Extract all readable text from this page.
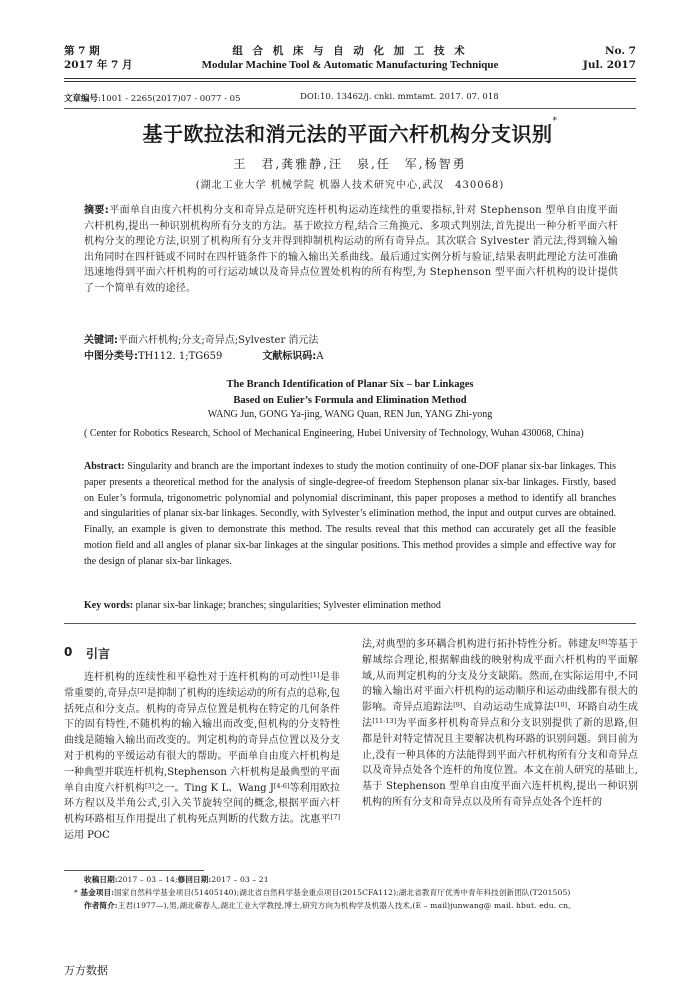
第 7 期
2017 年 7 月
组 合 机 床 与 自 动 化 加 工 技 术
Modular Machine Tool & Automatic Manufacturing Technique
No. 7
Jul. 2017
文章编号:1001 - 2265(2017)07 - 0077 - 05	DOI:10. 13462/j. cnki. mmtamt. 2017. 07. 018
基于欧拉法和消元法的平面六杆机构分支识别*
王　君,龚雅静,汪　泉,任　军,杨智勇
(湖北工业大学 机械学院 机器人技术研究中心,武汉　430068)
摘要:平面单自由度六杆机构分支和奇异点是研究连杆机构运动连续性的重要指标,针对 Stephenson 型单自由度平面六杆机构,提出一种识别机构所有分支的方法。基于欧拉方程,结合三角换元、多项式判别法,首先提出一种分析平面六杆机构分支的理论方法,识别了机构所有分支并得到抑制机构运动的所有奇异点。其次联合 Sylvester 消元法,得到输入输出角同时在四杆链或不同时在四杆链条件下的输入输出关系曲线。最后通过实例分析与验证,结果表明此理论方法可准确迅速地得到平面六杆机构的可行运动域以及奇异点位置处机构的所有构型,为 Stephenson 型平面六杆机构的设计提供了一个简单有效的途径。
关键词:平面六杆机构;分支;奇异点;Sylvester 消元法
中图分类号:TH112. 1;TG659	文献标识码:A
The Branch Identification of Planar Six – bar Linkages
Based on Eulier’s Formula and Elimination Method
WANG Jun, GONG Ya-jing, WANG Quan, REN Jun, YANG Zhi-yong
( Center for Robotics Research, School of Mechanical Engineering, Hubei University of Technology, Wuhan 430068, China)
Abstract: Singularity and branch are the important indexes to study the motion continuity of one-DOF planar six-bar linkages. This paper presents a theoretical method for the analysis of single-degree-of freedom Stephenson planar six-bar linkages. Firstly, based on Euler’s formula, trigonometric polynomial and polynomial discriminant, this paper proposes a method to identify all branches and singularities of planar six-bar linkages. Secondly, with Sylvester’s elimination method, the input and output curves are obtained. Finally, an example is given to demonstrate this method. The results reveal that this method can accurately get all the feasible motion field and all angles of planar six-bar linkages at the singular positions. This method provides a simple and effective way for the design of planar six-bar linkages.
Key words: planar six-bar linkage; branches; singularities; Sylvester elimination method
0 引言
连杆机构的连续性和平稳性对于连杆机构的可动性[1]是非常重要的,奇异点[2]是抑制了机构的连续运动的所有点的总称,包括死点和分支点。机构的奇异点位置是机构在特定的几何条件下的固有特性,不随机构的输入输出而改变,但机构的分支特性曲线是随输入输出而改变的。判定机构的奇异点位置以及分支对于机构的平缓运动有很大的帮助。平面单自由度六杆机构是一种典型并联连杆机构,Stephenson 六杆机构是最典型的平面单自由度六杆机构[3]之一。Ting K L、Wang J[4-6]等利用欧拉环方程以及半角公式,引入关节旋转空间的概念,根据平面六杆机构环路相互作用提出了机构死点判断的代数方法。沈惠平[7]运用 POC
法,对典型的多环耦合机构进行拓扑特性分析。韩建友[8]等基于解域综合理论,根据解曲线的映射构成平面六杆机构的平面解域,从而判定机构的分支及分支缺陷。然而,在实际运用中,不同的输入输出对平面六杆机构的运动顺序和运动曲线都有很大的影响。奇异点追踪法[9]、自动运动生成算法[10]、环路自动生成法[11-13]为平面多杆机构奇异点和分支识别提供了新的思路,但都是针对特定情况且主要解决机构环路的识别问题。到目前为止,没有一种具体的方法能得到平面六杆机构所有分支和奇异点以及奇异点处各个连杆的角度位置。本文在前人研究的基础上,基于 Stephenson 型单自由度平面六连杆机构,提出一种识别机构的所有分支和奇异点以及所有奇异点处各个连杆的
收稿日期:2017 – 03 – 14;修回日期:2017 – 03 – 21
* 基金项目:国家自然科学基金项目(51405140);湖北省自然科学基金重点项目(2015CFA112);湖北省教育厅优秀中青年科技创新团队(T201505)
作者简介:王君(1977—),男,湖北蕲春人,湖北工业大学教授,博士,研究方向为机构学及机器人技术,(E – mail)junwang@ mail. hbut. edu. cn。
万方数据
